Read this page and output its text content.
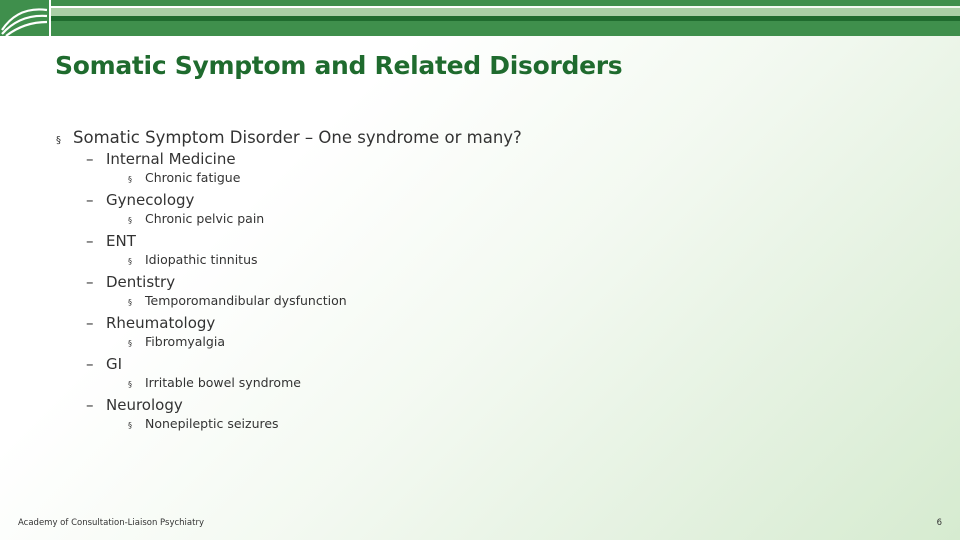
Somatic Symptom and Related Disorders
§ Somatic Symptom Disorder – One syndrome or many?
– Internal Medicine
§	Chronic fatigue
– Gynecology
§	Chronic pelvic pain
– ENT
§	Idiopathic tinnitus
– Dentistry
§	Temporomandibular dysfunction
– Rheumatology
§	Fibromyalgia
– GI
§	Irritable bowel syndrome
– Neurology
§	Nonepileptic seizures
Academy of Consultation-Liaison Psychiatry	6
